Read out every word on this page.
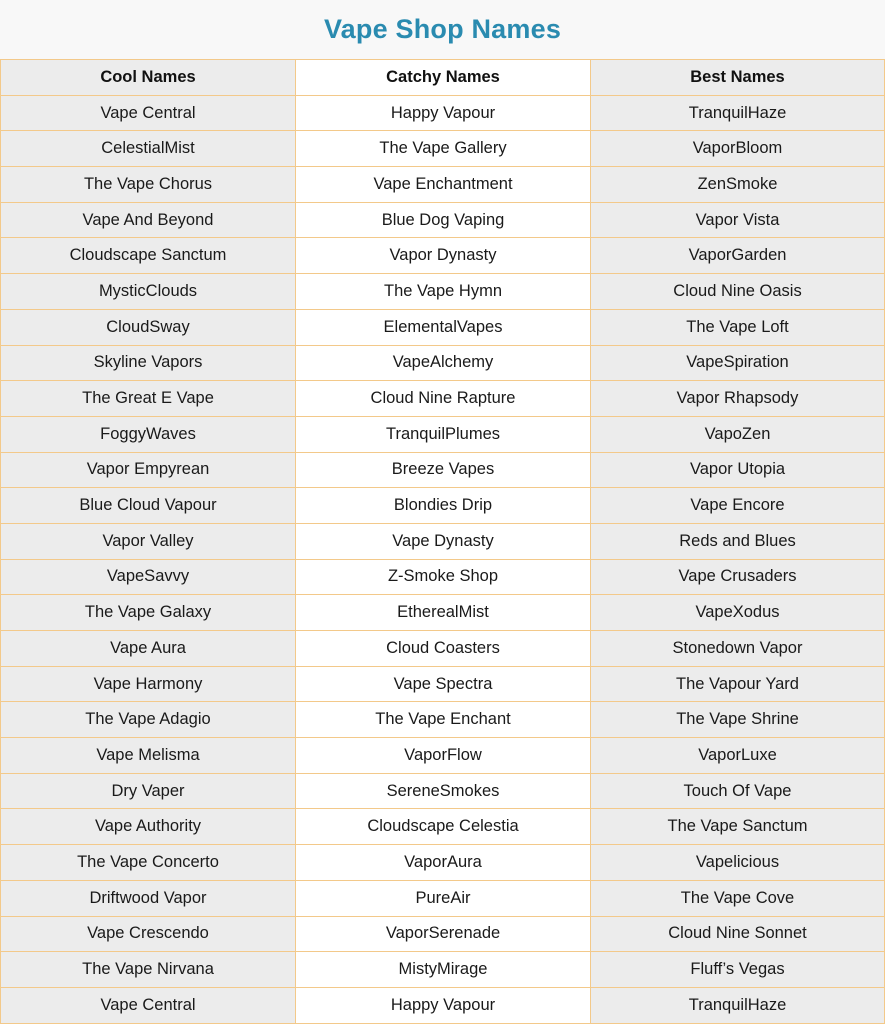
Vape Shop Names
Cool Names	Catchy Names	Best Names
Vape Central	Happy Vapour	TranquilHaze
CelestialMist	The Vape Gallery	VaporBloom
The Vape Chorus	Vape Enchantment	ZenSmoke
Vape And Beyond	Blue Dog Vaping	Vapor Vista
Cloudscape Sanctum	Vapor Dynasty	VaporGarden
MysticClouds	The Vape Hymn	Cloud Nine Oasis
CloudSway	ElementalVapes	The Vape Loft
Skyline Vapors	VapeAlchemy	VapeSpiration
The Great E Vape	Cloud Nine Rapture	Vapor Rhapsody
FoggyWaves	TranquilPlumes	VapoZen
Vapor Empyrean	Breeze Vapes	Vapor Utopia
Blue Cloud Vapour	Blondies Drip	Vape Encore
Vapor Valley	Vape Dynasty	Reds and Blues
VapeSavvy	Z-Smoke Shop	Vape Crusaders
The Vape Galaxy	EtherealMist	VapeXodus
Vape Aura	Cloud Coasters	Stonedown Vapor
Vape Harmony	Vape Spectra	The Vapour Yard
The Vape Adagio	The Vape Enchant	The Vape Shrine
Vape Melisma	VaporFlow	VaporLuxe
Dry Vaper	SereneSmokes	Touch Of Vape
Vape Authority	Cloudscape Celestia	The Vape Sanctum
The Vape Concerto	VaporAura	Vapelicious
Driftwood Vapor	PureAir	The Vape Cove
Vape Crescendo	VaporSerenade	Cloud Nine Sonnet
The Vape Nirvana	MistyMirage	Fluff’s Vegas
Vape Central	Happy Vapour	TranquilHaze
